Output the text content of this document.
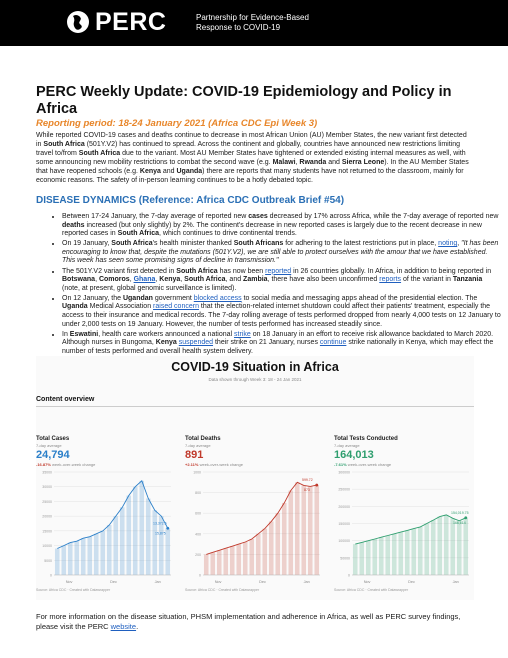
PERC	Partnership for Evidence-Based
Response to COVID-19
PERC Weekly Update: COVID-19 Epidemiology and Policy in Africa
Reporting period: 18-24 January 2021 (Africa CDC Epi Week 3)

While reported COVID-19 cases and deaths continue to decrease in most African Union (AU) Member States, the new variant first detected in South Africa (501Y.V2) has continued to spread. Across the continent and globally, countries have announced new restrictions limiting travel to/from South Africa due to the variant. Most AU Member States have tightened or extended existing internal measures as well, with some announcing new mobility restrictions to combat the second wave (e.g. Malawi, Rwanda and Sierra Leone). In the AU Member States that have reopened schools (e.g. Kenya and Uganda) there are reports that many students have not returned to the classroom, mainly for economic reasons. The safety of in-person learning continues to be a hotly debated topic.

DISEASE DYNAMICS (Reference: Africa CDC Outbreak Brief #54)
• Between 17-24 January, the 7-day average of reported new cases decreased by 17% across Africa, while the 7-day average of reported new deaths increased (but only slightly) by 2%. The continent's decrease in new reported cases is largely due to the recent decrease in new reported cases in South Africa, which continues to drive continental trends.
• On 19 January, South Africa's health minister thanked South Africans for adhering to the latest restrictions put in place, noting, "It has been encouraging to know that, despite the mutations (501Y.V2), we are still able to protect ourselves with the amour that we have established. This week has seen some promising signs of decline in transmission."
• The 501Y.V2 variant first detected in South Africa has now been reported in 26 countries globally. In Africa, in addition to being reported in Botswana, Comoros, Ghana, Kenya, South Africa, and Zambia, there have also been unconfirmed reports of the variant in Tanzania (note, at present, global genomic surveillance is limited).
• On 12 January, the Ugandan government blocked access to social media and messaging apps ahead of the presidential election. The Uganda Medical Association raised concern that the election-related internet shutdown could affect their patients' treatment, especially the access to their insurance and medical records. The 7-day rolling average of tests performed dropped from nearly 4,000 tests on 12 January to under 2,000 tests on 19 January. However, the number of tests performed has increased steadily since.
• In Eswatini, health care workers announced a national strike on 18 January in an effort to receive risk allowance backdated to March 2020. Although nurses in Bungoma, Kenya suspended their strike on 21 January, nurses continue strike nationally in Kenya, which may effect the number of tests performed and overall health system delivery.
COVID-19 Situation in Africa
Data shown through Week 3: 18 - 24 Jan 2021
Content overview
Total Cases
7-day average
24,794
-16.87% week-over-week change
35000
30000
25000
20000
15000
10000
5000
0
13,372.5
15,875
Nov	Dec	Jan
Source: Africa CDC · Created with Datawrapper
Total Deaths
7-day average
891
+2.11% week-over-week change
1000
800
600
400
200
0
599.72
873
Nov	Dec	Jan
Source: Africa CDC · Created with Datawrapper
Total Tests Conducted
7-day average
164,013
-7.61% week-over-week change
300000
250000
200000
150000
100000
50000
0
154,019.75
166,614
Nov	Dec	Jan
Source: Africa CDC · Created with Datawrapper

For more information on the disease situation, PHSM implementation and adherence in Africa, as well as PERC survey findings, please visit the PERC website.
